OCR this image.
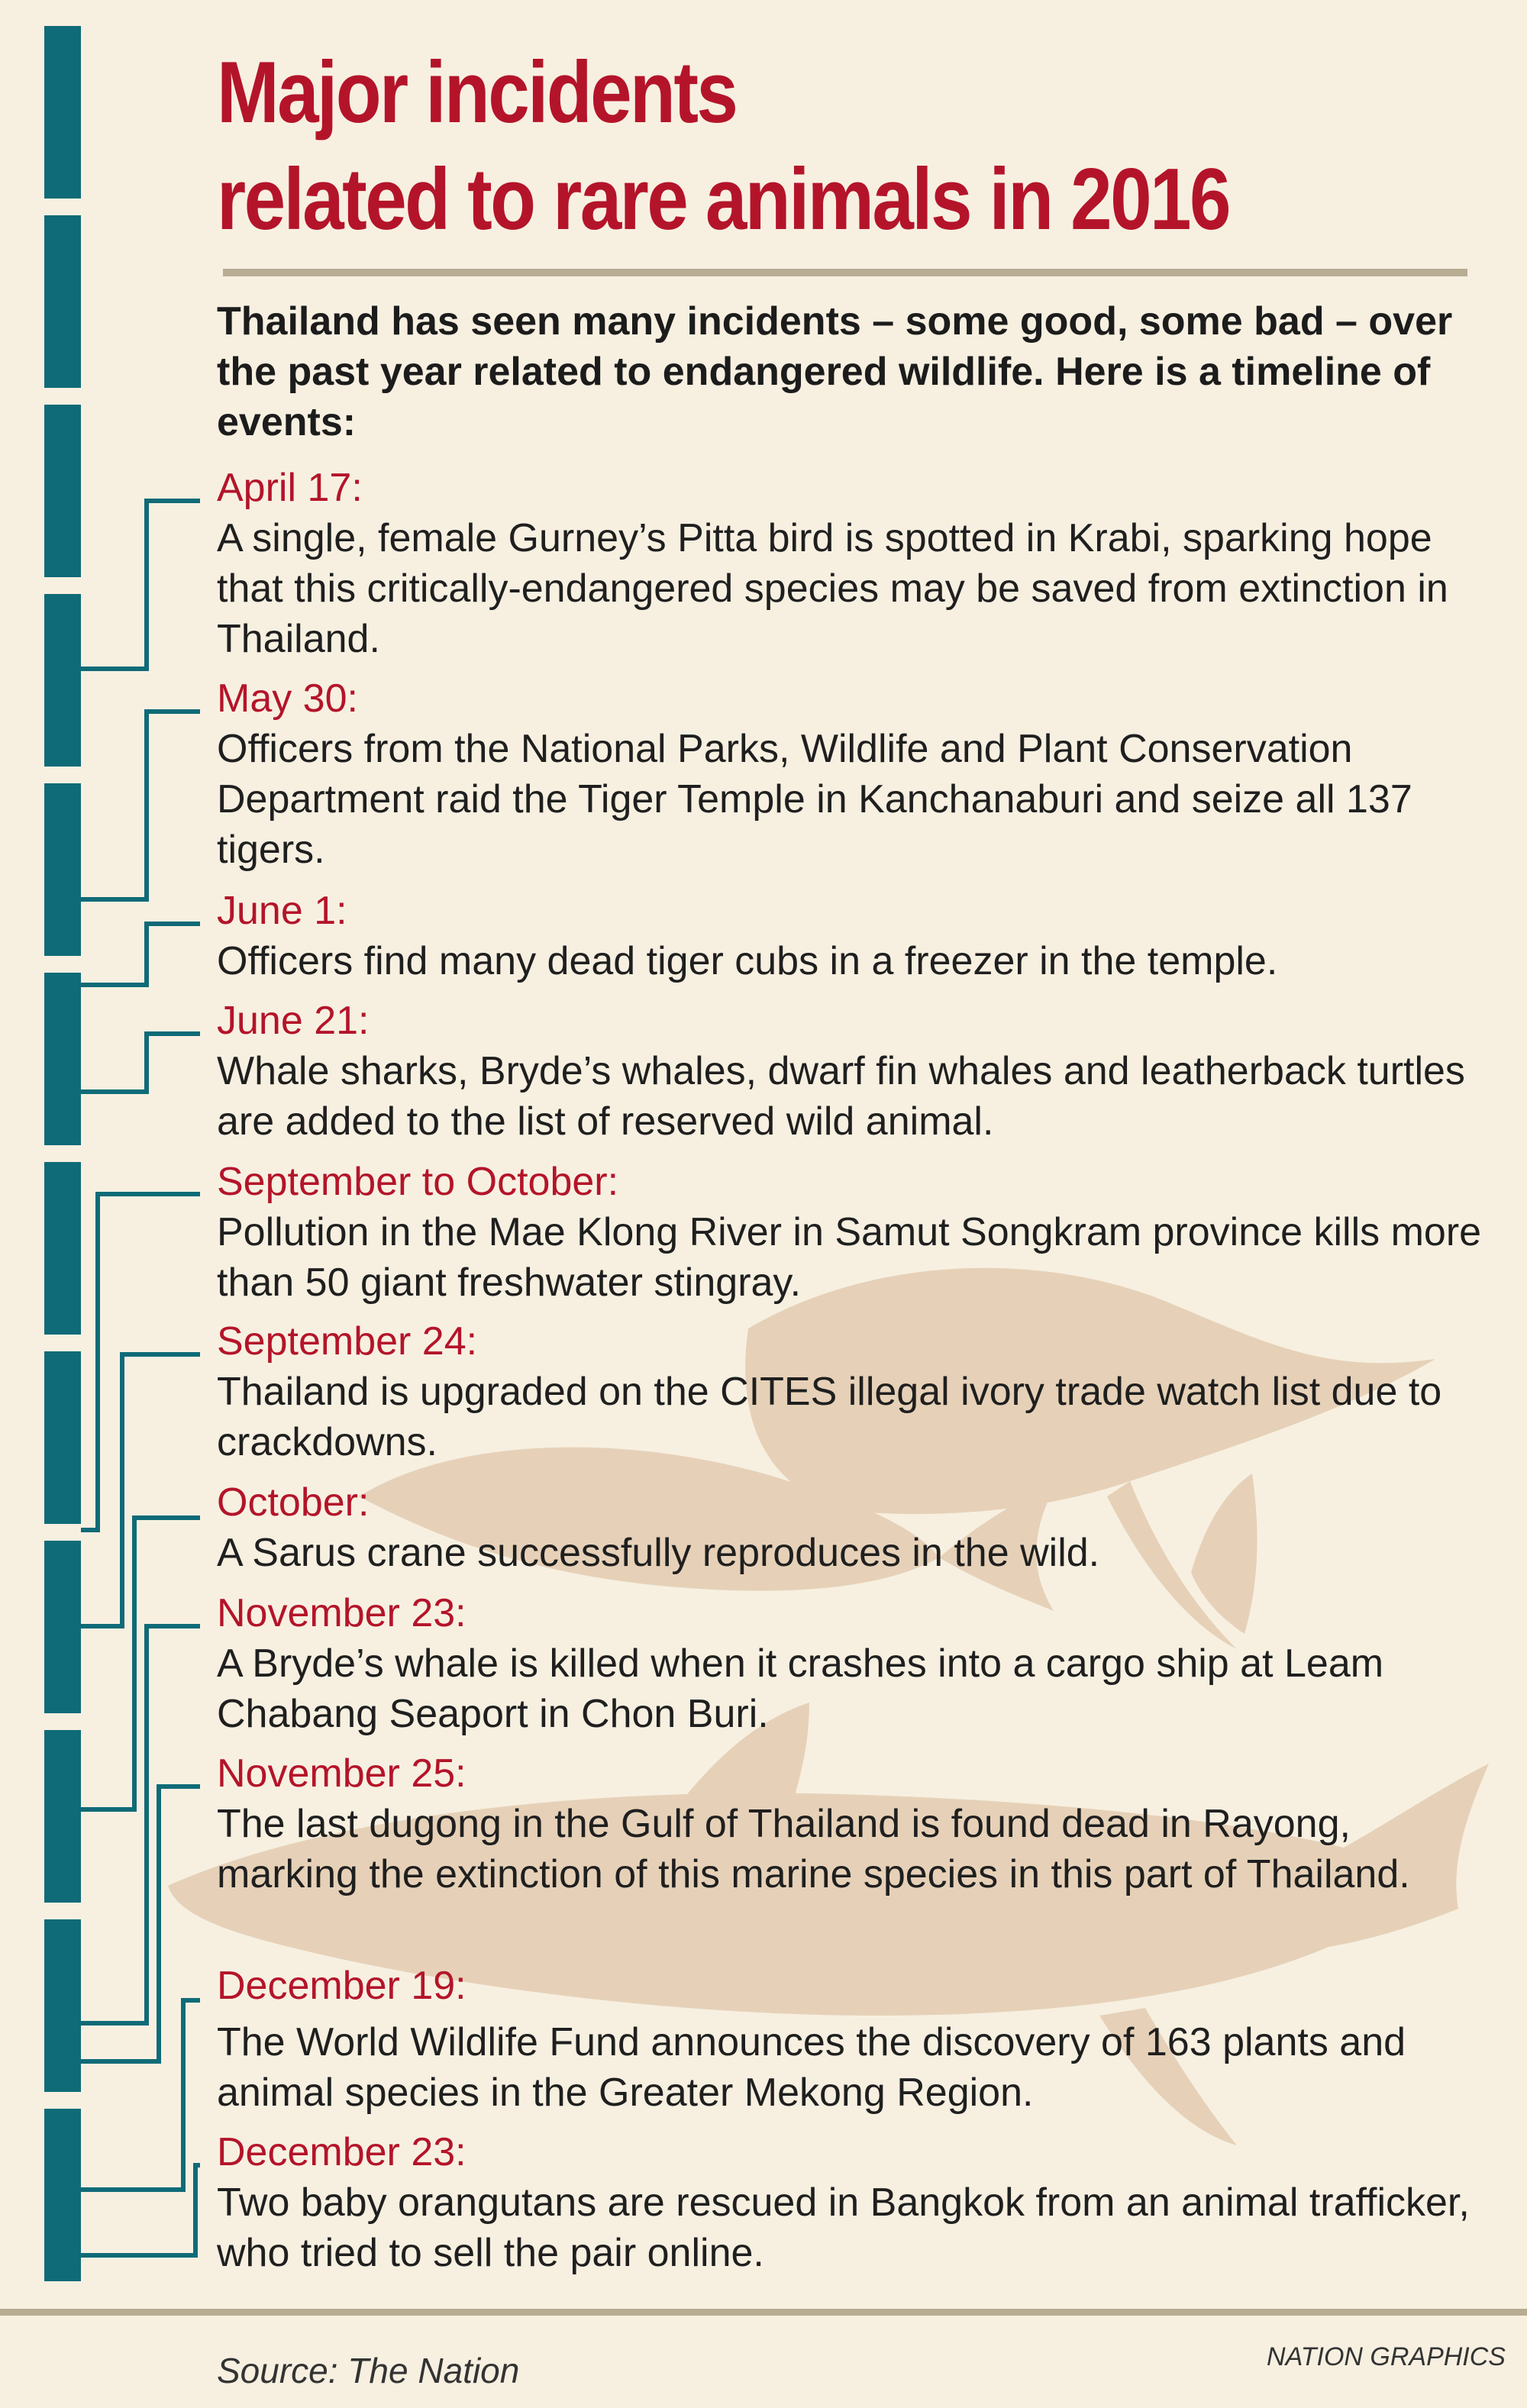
Major incidents
related to rare animals in 2016

Thailand has seen many incidents – some good, some bad – over the past year related to endangered wildlife. Here is a timeline of events:

April 17:
A single, female Gurney’s Pitta bird is spotted in Krabi, sparking hope that this critically-endangered species may be saved from extinction in Thailand.
May 30:
Officers from the National Parks, Wildlife and Plant Conservation Department raid the Tiger Temple in Kanchanaburi and seize all 137 tigers.
June 1:
Officers find many dead tiger cubs in a freezer in the temple.
June 21:
Whale sharks, Bryde’s whales, dwarf fin whales and leatherback turtles are added to the list of reserved wild animal.
September to October:
Pollution in the Mae Klong River in Samut Songkram province kills more than 50 giant freshwater stingray.
September 24:
Thailand is upgraded on the CITES illegal ivory trade watch list due to crackdowns.
October:
A Sarus crane successfully reproduces in the wild.
November 23:
A Bryde’s whale is killed when it crashes into a cargo ship at Leam Chabang Seaport in Chon Buri.
November 25:
The last dugong in the Gulf of Thailand is found dead in Rayong, marking the extinction of this marine species in this part of Thailand.
December 19:
The World Wildlife Fund announces the discovery of 163 plants and animal species in the Greater Mekong Region.
December 23:
Two baby orangutans are rescued in Bangkok from an animal trafficker, who tried to sell the pair online.
Source: The Nation	NATION GRAPHICS
